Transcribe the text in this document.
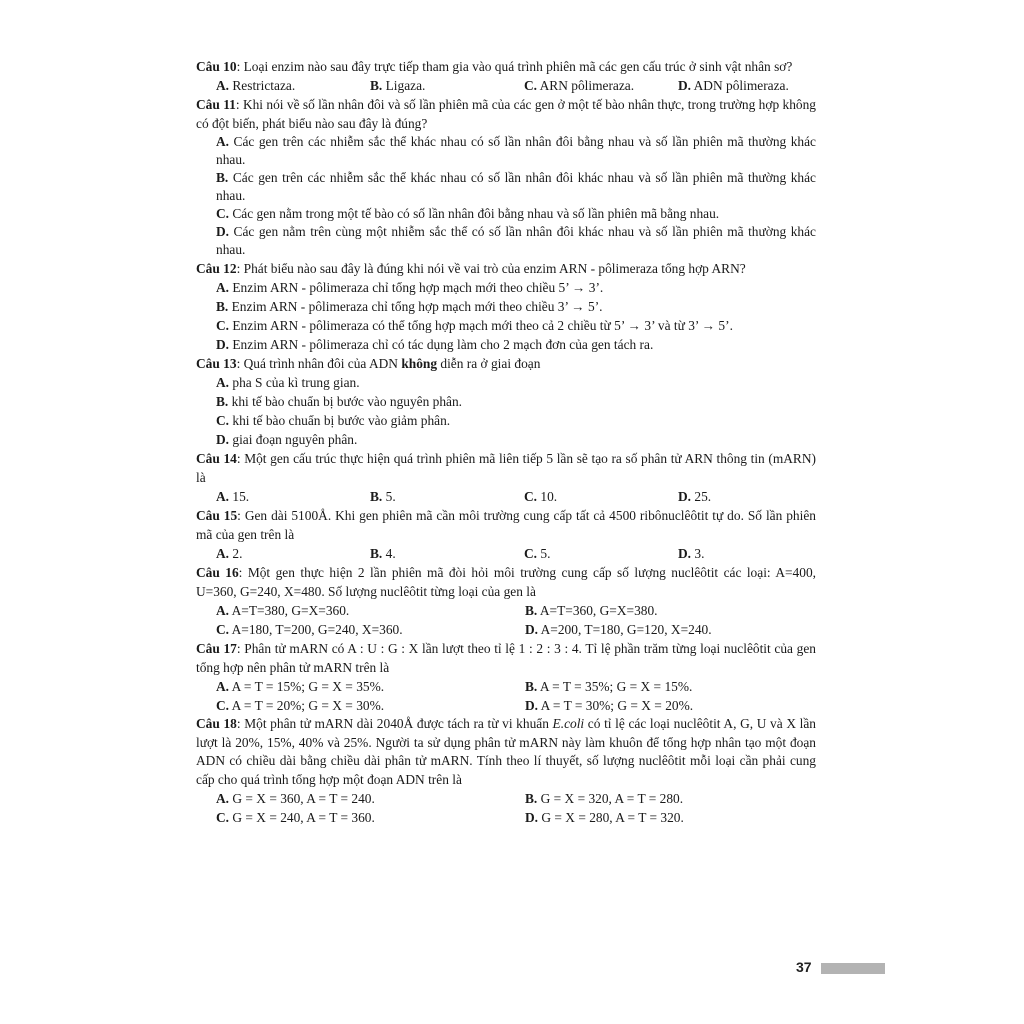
Câu 10: Loại enzim nào sau đây trực tiếp tham gia vào quá trình phiên mã các gen cấu trúc ở sinh vật nhân sơ?

A. Restrictaza.	B. Ligaza.	C. ARN pôlimeraza.	D. ADN pôlimeraza.

Câu 11: Khi nói về số lần nhân đôi và số lần phiên mã của các gen ở một tế bào nhân thực, trong trường hợp không có đột biến, phát biểu nào sau đây là đúng?

A. Các gen trên các nhiễm sắc thể khác nhau có số lần nhân đôi bằng nhau và số lần phiên mã thường khác nhau.
B. Các gen trên các nhiễm sắc thể khác nhau có số lần nhân đôi khác nhau và số lần phiên mã thường khác nhau.
C. Các gen nằm trong một tế bào có số lần nhân đôi bằng nhau và số lần phiên mã bằng nhau.
D. Các gen nằm trên cùng một nhiễm sắc thể có số lần nhân đôi khác nhau và số lần phiên mã thường khác nhau.

Câu 12: Phát biểu nào sau đây là đúng khi nói về vai trò của enzim ARN - pôlimeraza tổng hợp ARN?

A. Enzim ARN - pôlimeraza chỉ tổng hợp mạch mới theo chiều 5’ → 3’.
B. Enzim ARN - pôlimeraza chỉ tổng hợp mạch mới theo chiều 3’ → 5’.
C. Enzim ARN - pôlimeraza có thể tổng hợp mạch mới theo cả 2 chiều từ 5’ → 3’ và từ 3’ → 5’.
D. Enzim ARN - pôlimeraza chỉ có tác dụng làm cho 2 mạch đơn của gen tách ra.

Câu 13: Quá trình nhân đôi của ADN không diễn ra ở giai đoạn

A. pha S của kì trung gian.
B. khi tế bào chuẩn bị bước vào nguyên phân.
C. khi tế bào chuẩn bị bước vào giảm phân.
D. giai đoạn nguyên phân.

Câu 14: Một gen cấu trúc thực hiện quá trình phiên mã liên tiếp 5 lần sẽ tạo ra số phân tử ARN thông tin (mARN) là

A. 15.	B. 5.	C. 10.	D. 25.

Câu 15: Gen dài 5100Å. Khi gen phiên mã cần môi trường cung cấp tất cả 4500 ribônuclêôtit tự do. Số lần phiên mã của gen trên là

A. 2.	B. 4.	C. 5.	D. 3.

Câu 16: Một gen thực hiện 2 lần phiên mã đòi hỏi môi trường cung cấp số lượng nuclêôtit các loại: A=400, U=360, G=240, X=480. Số lượng nuclêôtit từng loại của gen là

A. A=T=380, G=X=360.	B. A=T=360, G=X=380.
C. A=180, T=200, G=240, X=360.	D. A=200, T=180, G=120, X=240.

Câu 17: Phân tử mARN có A : U : G : X lần lượt theo tỉ lệ 1 : 2 : 3 : 4. Tỉ lệ phần trăm từng loại nuclêôtit của gen tổng hợp nên phân tử mARN trên là

A. A = T = 15%; G = X = 35%.	B. A = T = 35%; G = X = 15%.
C. A = T = 20%; G = X = 30%.	D. A = T = 30%; G = X = 20%.

Câu 18: Một phân tử mARN dài 2040Å được tách ra từ vi khuẩn E.coli có tỉ lệ các loại nuclêôtit A, G, U và X lần lượt là 20%, 15%, 40% và 25%. Người ta sử dụng phân tử mARN này làm khuôn để tổng hợp nhân tạo một đoạn ADN có chiều dài bằng chiều dài phân tử mARN. Tính theo lí thuyết, số lượng nuclêôtit mỗi loại cần phải cung cấp cho quá trình tổng hợp một đoạn ADN trên là

A. G = X = 360, A = T = 240.	B. G = X = 320, A = T = 280.
C. G = X = 240, A = T = 360.	D. G = X = 280, A = T = 320.
37
